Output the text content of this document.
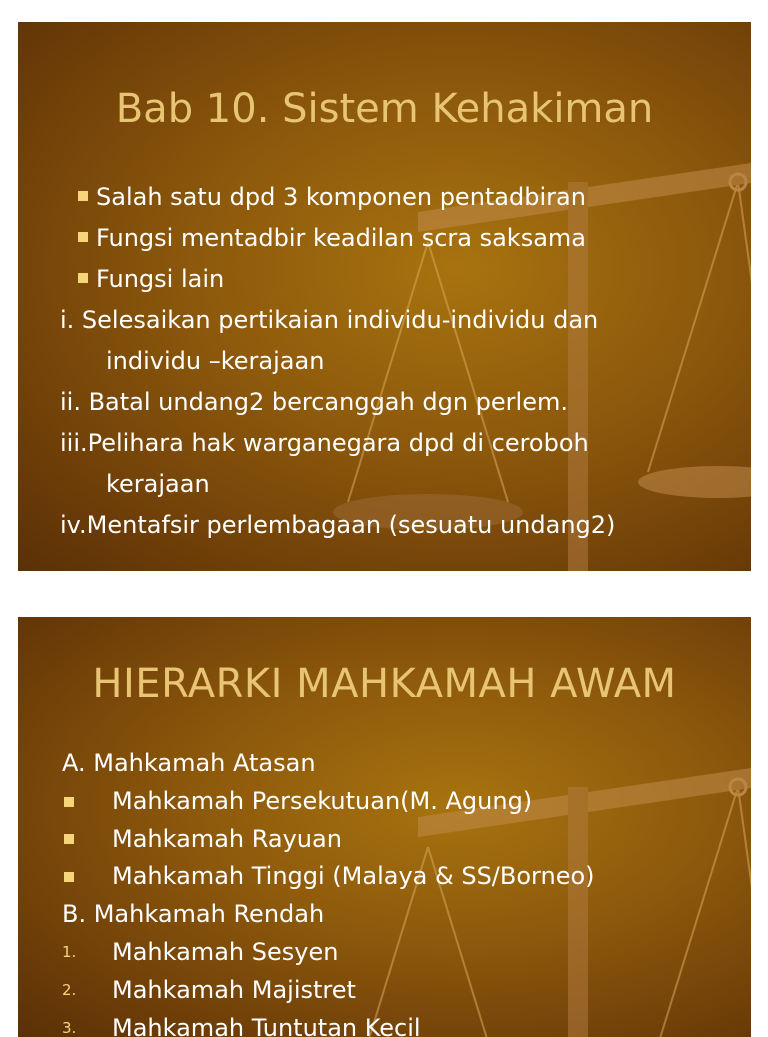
Bab 10. Sistem Kehakiman
Salah satu dpd 3 komponen pentadbiran
Fungsi mentadbir keadilan scra saksama
Fungsi lain
i. Selesaikan pertikaian individu-individu dan
individu –kerajaan
ii. Batal undang2 bercanggah dgn perlem.
iii.Pelihara hak warganegara dpd di ceroboh
kerajaan
iv.Mentafsir perlembagaan (sesuatu undang2)
HIERARKI MAHKAMAH AWAM
A. Mahkamah Atasan
Mahkamah Persekutuan(M. Agung)
Mahkamah Rayuan
Mahkamah Tinggi (Malaya & SS/Borneo)
B. Mahkamah Rendah
1. Mahkamah Sesyen
2. Mahkamah Majistret
3. Mahkamah Tuntutan Kecil
